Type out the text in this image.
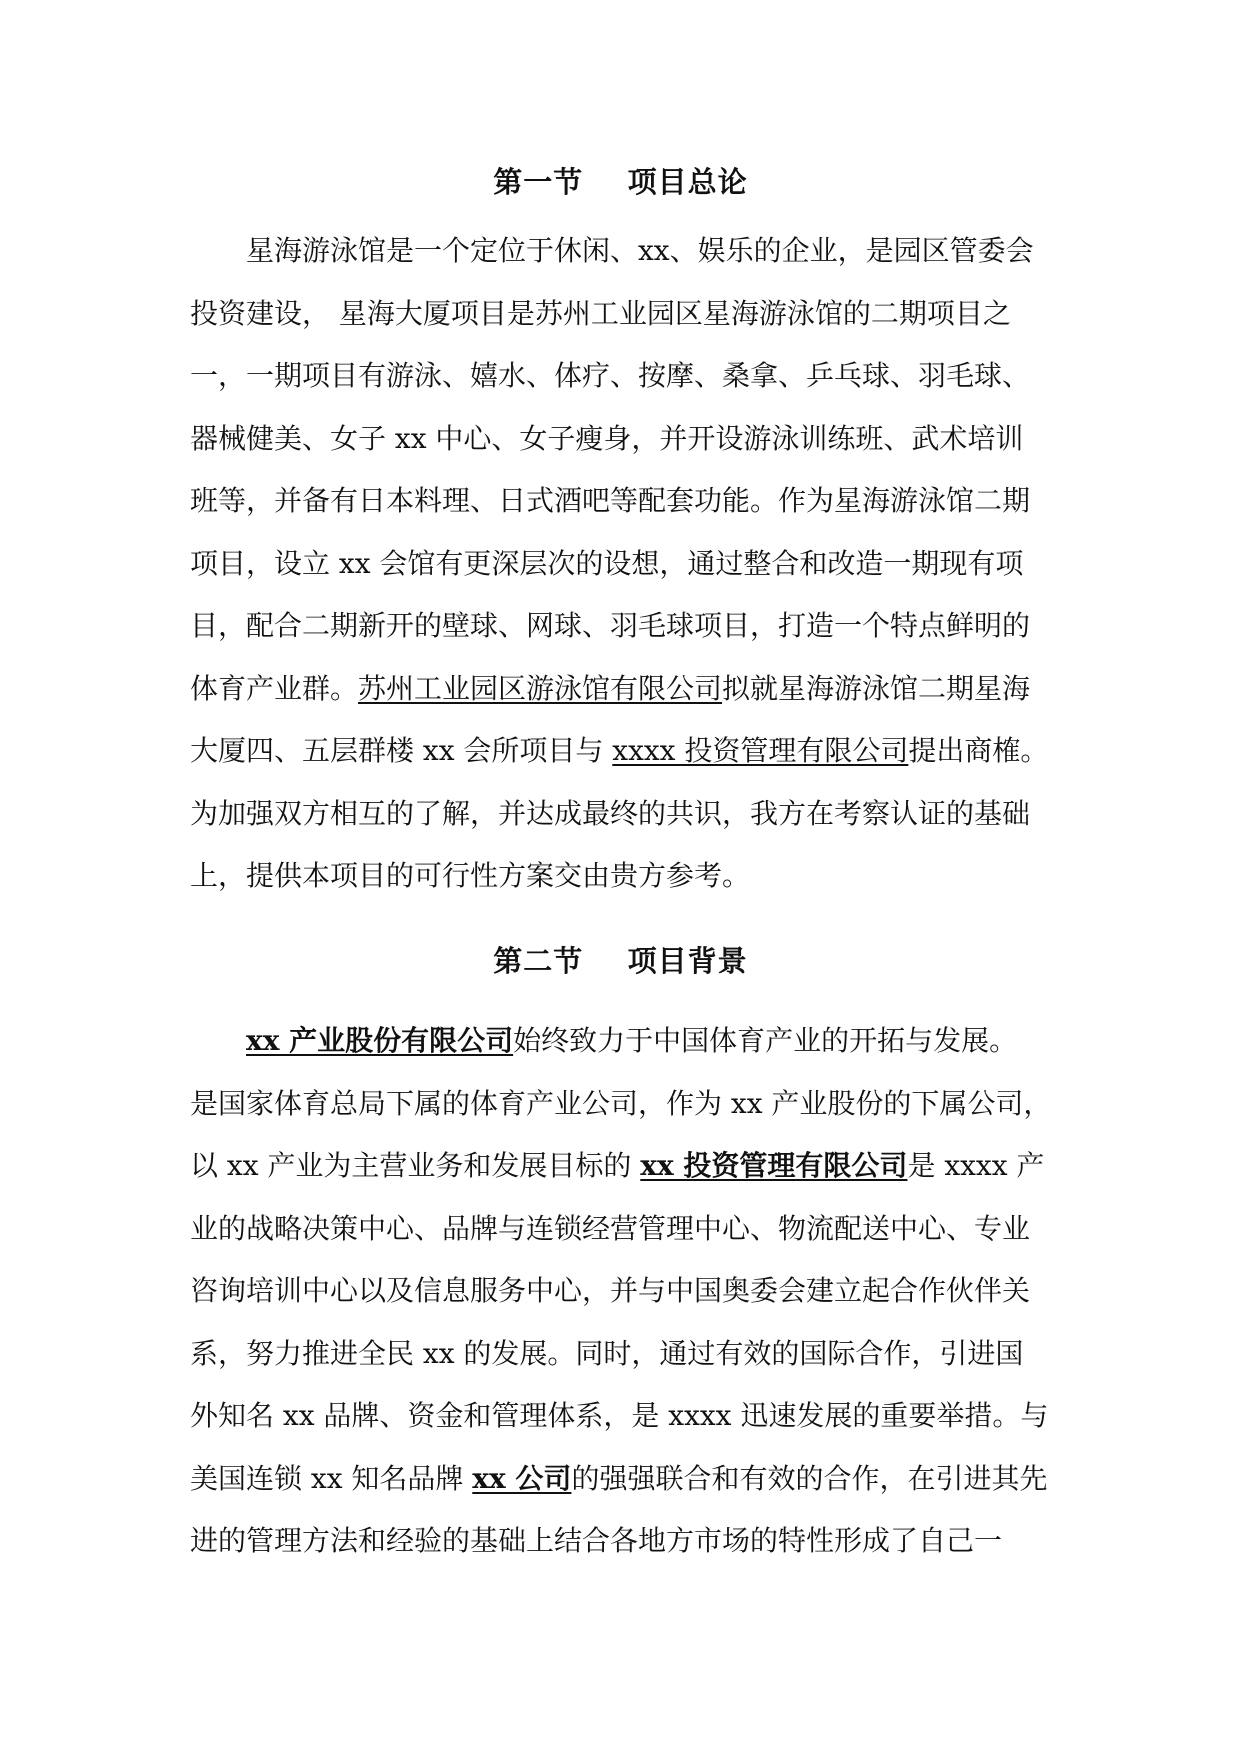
第一节    项目总论
星海游泳馆是一个定位于休闲、xx、娱乐的企业，是园区管委会
投资建设， 星海大厦项目是苏州工业园区星海游泳馆的二期项目之
一，一期项目有游泳、嬉水、体疗、按摩、桑拿、乒乓球、羽毛球、
器械健美、女子 xx 中心、女子瘦身，并开设游泳训练班、武术培训
班等，并备有日本料理、日式酒吧等配套功能。作为星海游泳馆二期
项目，设立 xx 会馆有更深层次的设想，通过整合和改造一期现有项
目，配合二期新开的壁球、网球、羽毛球项目，打造一个特点鲜明的
体育产业群。苏州工业园区游泳馆有限公司拟就星海游泳馆二期星海
大厦四、五层群楼 xx 会所项目与 xxxx 投资管理有限公司提出商榷。
为加强双方相互的了解，并达成最终的共识，我方在考察认证的基础
上，提供本项目的可行性方案交由贵方参考。
第二节    项目背景
xx 产业股份有限公司始终致力于中国体育产业的开拓与发展。
是国家体育总局下属的体育产业公司，作为 xx 产业股份的下属公司，
以 xx 产业为主营业务和发展目标的 xx 投资管理有限公司是 xxxx 产
业的战略决策中心、品牌与连锁经营管理中心、物流配送中心、专业
咨询培训中心以及信息服务中心，并与中国奥委会建立起合作伙伴关
系，努力推进全民 xx 的发展。同时，通过有效的国际合作，引进国
外知名 xx 品牌、资金和管理体系，是 xxxx 迅速发展的重要举措。与
美国连锁 xx 知名品牌 xx 公司的强强联合和有效的合作，在引进其先
进的管理方法和经验的基础上结合各地方市场的特性形成了自己一
